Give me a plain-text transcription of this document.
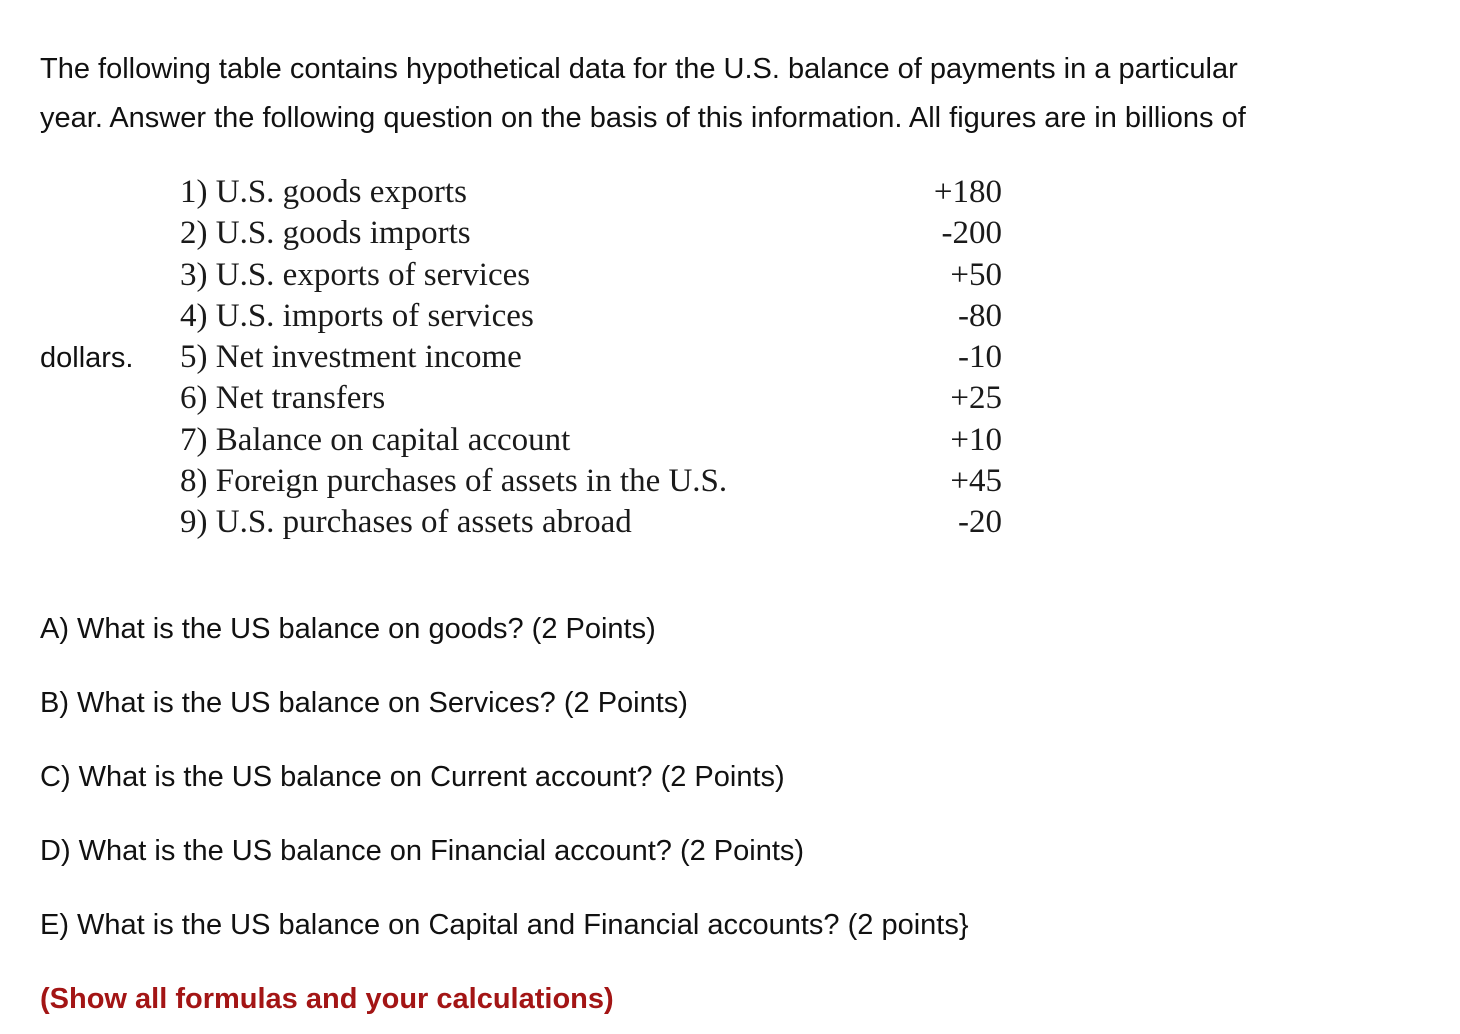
The following table contains hypothetical data for the U.S. balance of payments in a particular

year. Answer the following question on the basis of this information. All figures are in billions of

dollars.
1) U.S. goods exports	+180
2) U.S. goods imports	-200
3) U.S. exports of services	+50
4) U.S. imports of services	-80
5) Net investment income	-10
6) Net transfers	+25
7) Balance on capital account	+10
8) Foreign purchases of assets in the U.S.	+45
9) U.S. purchases of assets abroad	-20
A) What is the US balance on goods? (2 Points)
B) What is the US balance on Services? (2 Points)
C) What is the US balance on Current account? (2 Points)
D) What is the US balance on Financial account? (2 Points)
E) What is the US balance on Capital and Financial accounts? (2 points}
(Show all formulas and your calculations)
